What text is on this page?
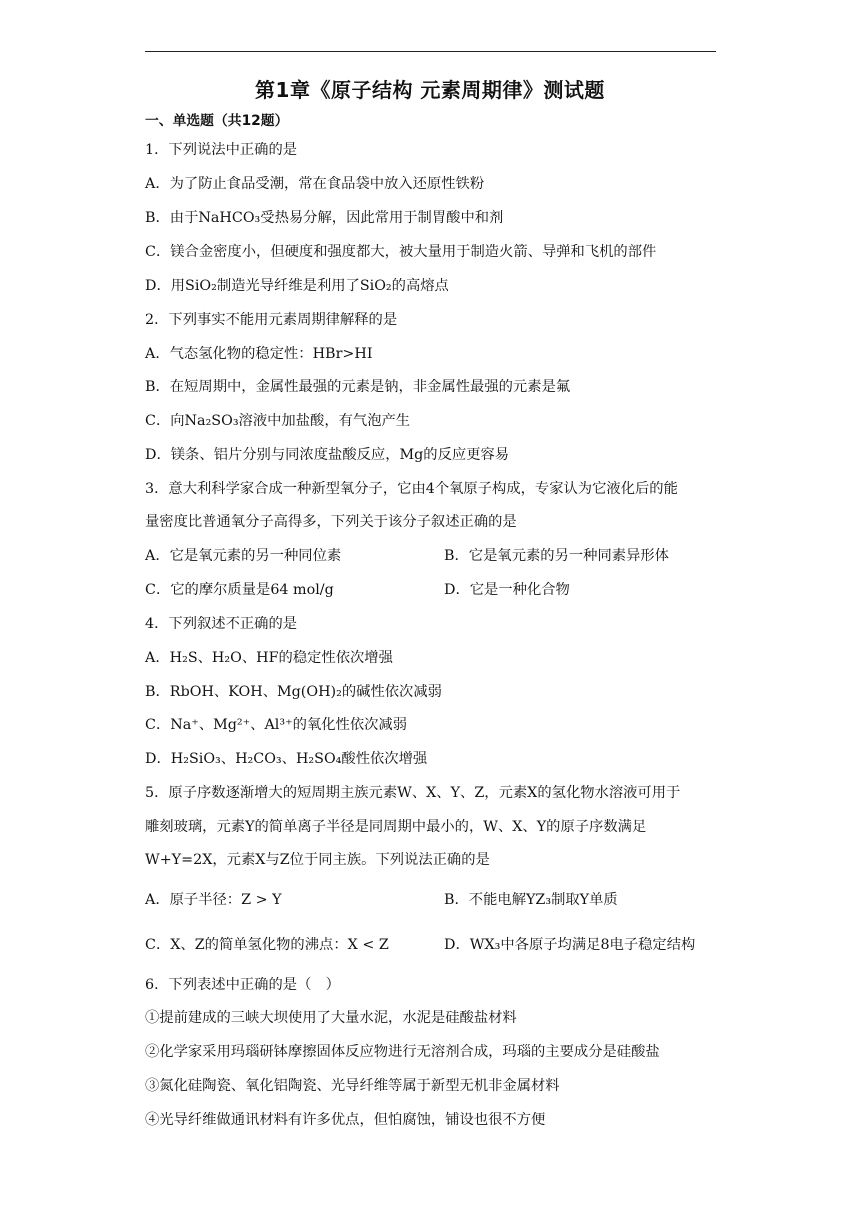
第1章《原子结构 元素周期律》测试题
一、单选题（共12题）
1．下列说法中正确的是
A．为了防止食品受潮，常在食品袋中放入还原性铁粉
B．由于NaHCO₃受热易分解，因此常用于制胃酸中和剂
C．镁合金密度小，但硬度和强度都大，被大量用于制造火箭、导弹和飞机的部件
D．用SiO₂制造光导纤维是利用了SiO₂的高熔点
2．下列事实不能用元素周期律解释的是
A．气态氢化物的稳定性：HBr>HI
B．在短周期中，金属性最强的元素是钠，非金属性最强的元素是氟
C．向Na₂SO₃溶液中加盐酸，有气泡产生
D．镁条、铝片分别与同浓度盐酸反应，Mg的反应更容易
3．意大利科学家合成一种新型氧分子，它由4个氧原子构成，专家认为它液化后的能
量密度比普通氧分子高得多，下列关于该分子叙述正确的是
A．它是氧元素的另一种同位素	B．它是氧元素的另一种同素异形体
C．它的摩尔质量是64 mol/g	D．它是一种化合物
4．下列叙述不正确的是
A．H₂S、H₂O、HF的稳定性依次增强
B．RbOH、KOH、Mg(OH)₂的碱性依次减弱
C．Na⁺、Mg²⁺、Al³⁺的氧化性依次减弱
D．H₂SiO₃、H₂CO₃、H₂SO₄酸性依次增强
5．原子序数逐渐增大的短周期主族元素W、X、Y、Z，元素X的氢化物水溶液可用于
雕刻玻璃，元素Y的简单离子半径是同周期中最小的，W、X、Y的原子序数满足
W+Y=2X，元素X与Z位于同主族。下列说法正确的是
A．原子半径：Z > Y	B．不能电解YZ₃制取Y单质
C．X、Z的简单氢化物的沸点：X < Z	D．WX₃中各原子均满足8电子稳定结构
6．下列表述中正确的是（　）
①提前建成的三峡大坝使用了大量水泥，水泥是硅酸盐材料
②化学家采用玛瑙研钵摩擦固体反应物进行无溶剂合成，玛瑙的主要成分是硅酸盐
③氮化硅陶瓷、氧化铝陶瓷、光导纤维等属于新型无机非金属材料
④光导纤维做通讯材料有许多优点，但怕腐蚀，铺设也很不方便
